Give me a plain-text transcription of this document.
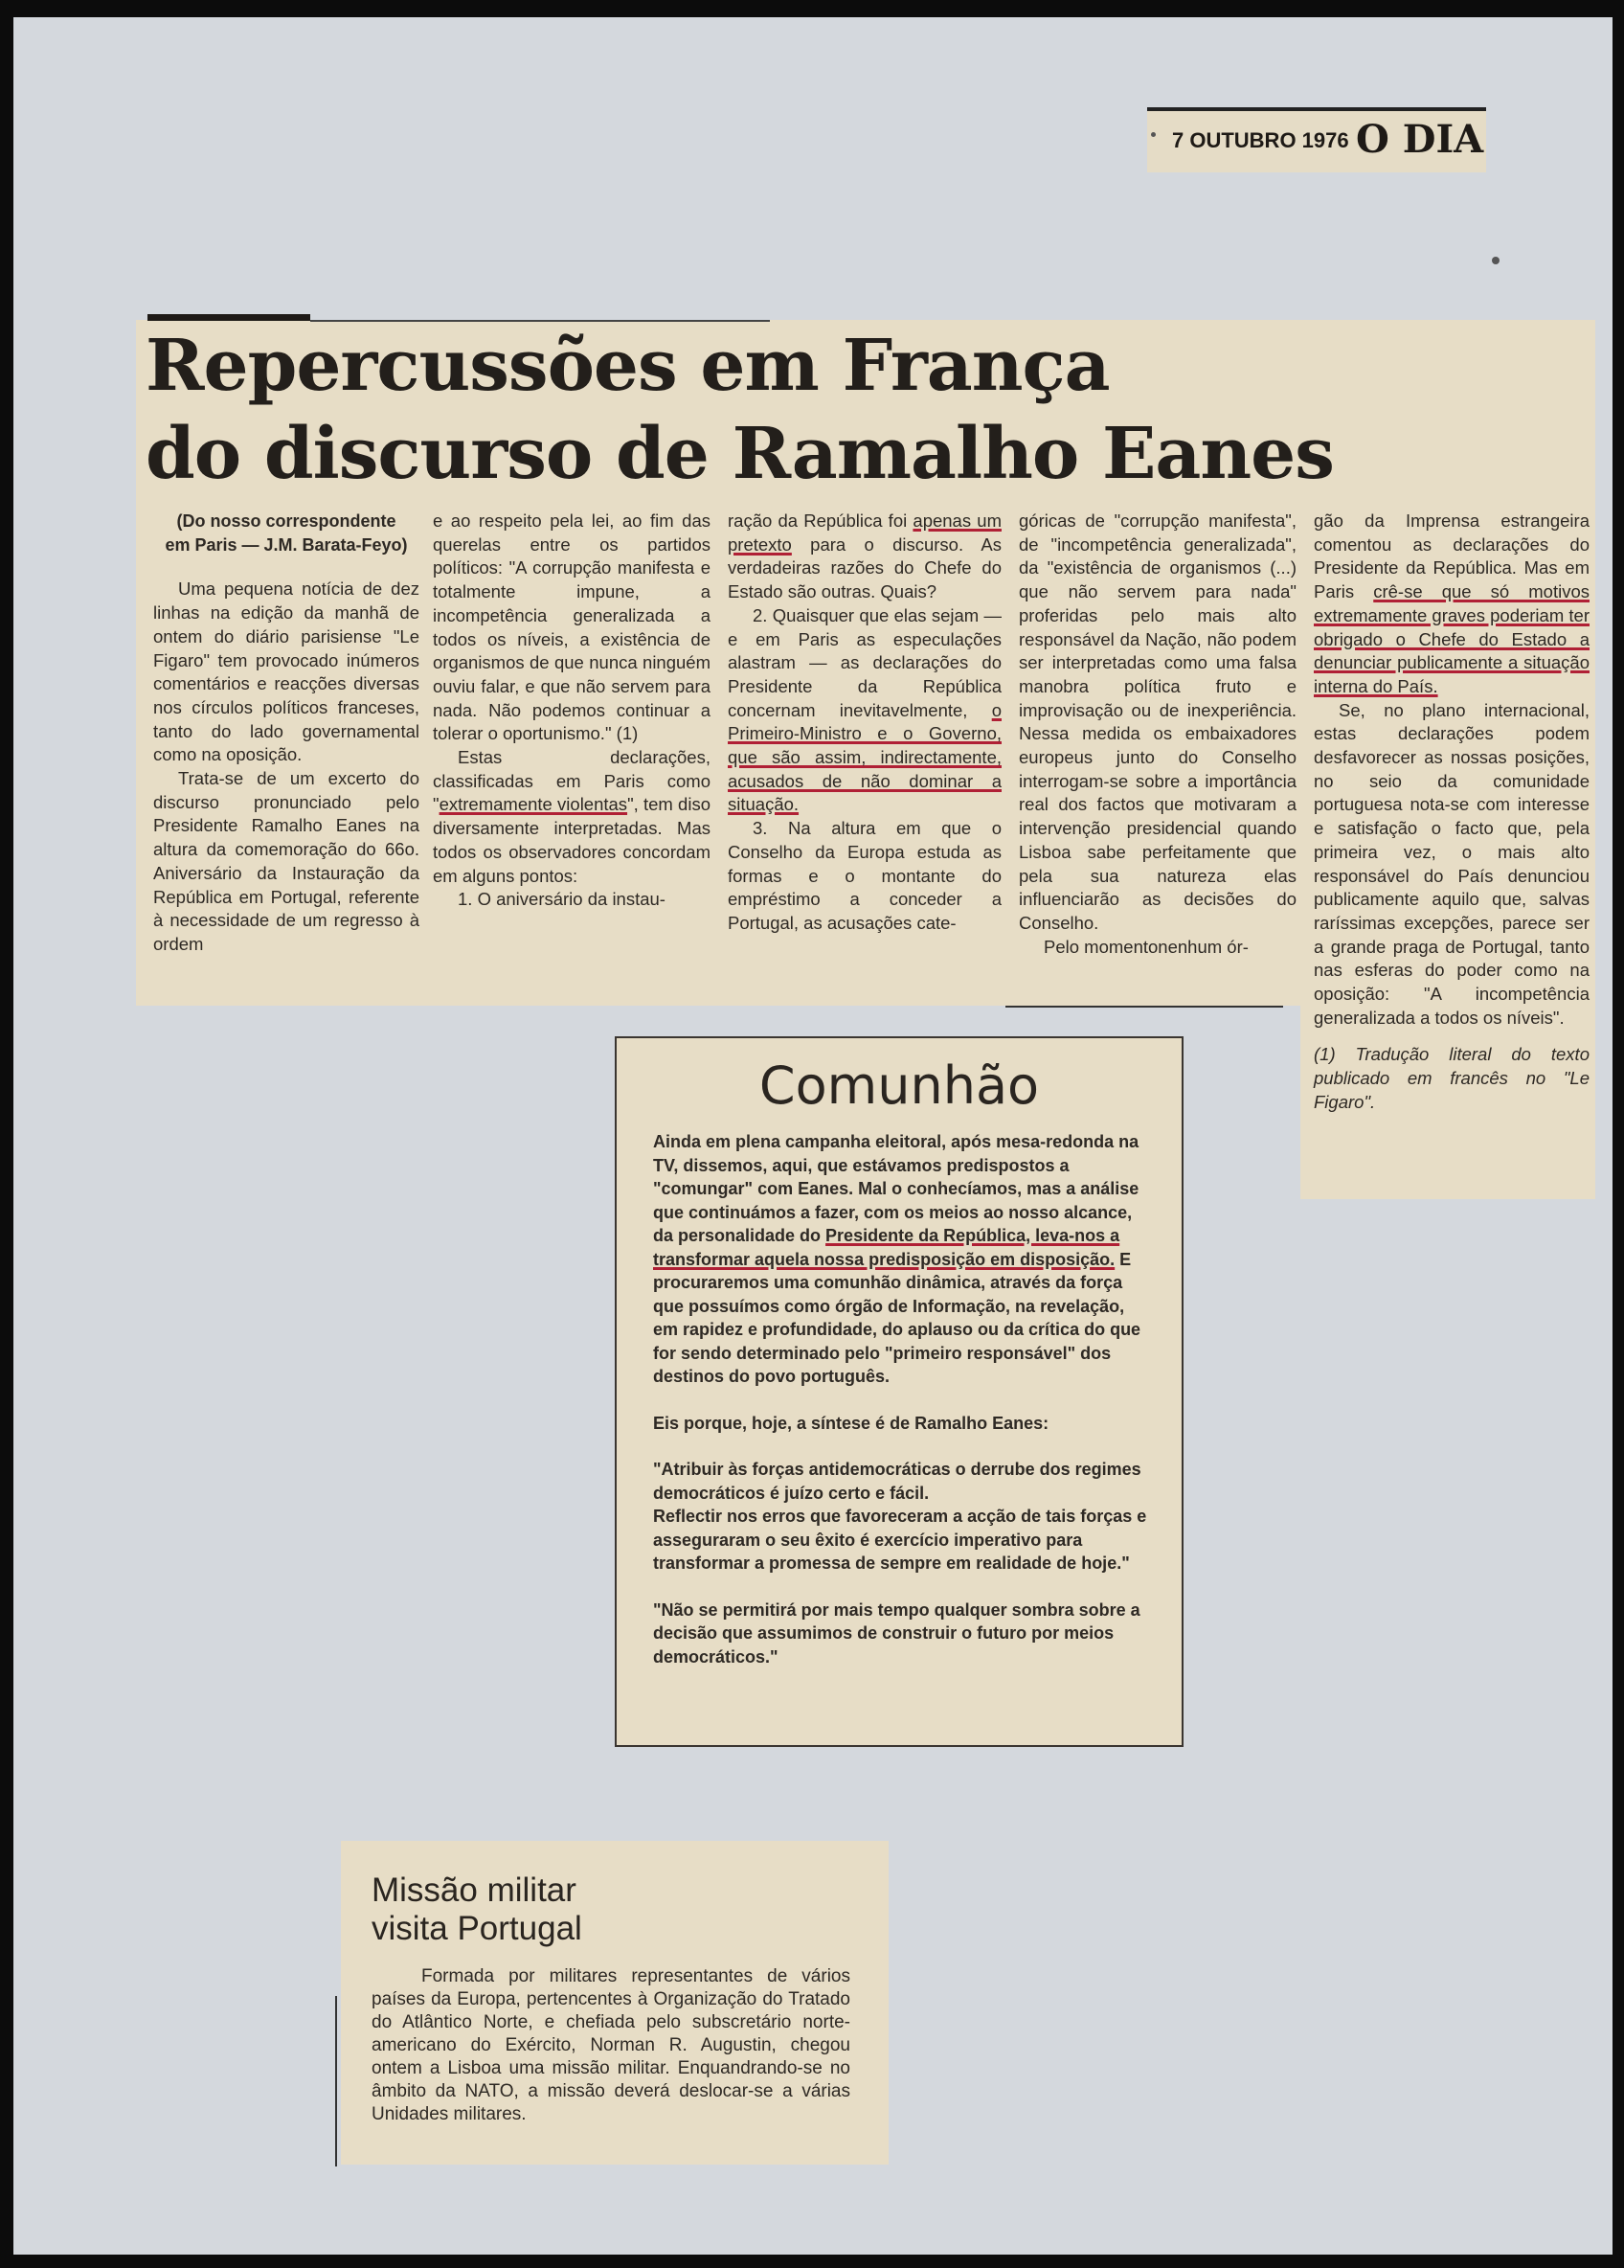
7 OUTUBRO 1976 O DIA
Repercussões em França
do discurso de Ramalho Eanes

(Do nosso correspondente
em Paris — J.M. Barata-Feyo)

Uma pequena notícia de dez linhas na edição da manhã de ontem do diário parisiense "Le Figaro" tem provocado inúmeros comentários e reacções diversas nos círculos políticos franceses, tanto do lado governamental como na oposição.

Trata-se de um excerto do discurso pronunciado pelo Presidente Ramalho Eanes na altura da comemoração do 66o. Aniversário da Instauração da República em Portugal, referente à necessidade de um regresso à ordem

e ao respeito pela lei, ao fim das querelas entre os partidos políticos: "A corrupção manifesta e totalmente impune, a incompetência generalizada a todos os níveis, a existência de organismos de que nunca ninguém ouviu falar, e que não servem para nada. Não podemos continuar a tolerar o oportunismo." (1)

Estas declarações, classificadas em Paris como "extremamente violentas", tem diso diversamente interpretadas. Mas todos os observadores concordam em alguns pontos:

1. O aniversário da instau-

ração da República foi apenas um pretexto para o discurso. As verdadeiras razões do Chefe do Estado são outras. Quais?

2. Quaisquer que elas sejam — e em Paris as especulações alastram — as declarações do Presidente da República concernam inevitavelmente, o Primeiro-Ministro e o Governo, que são assim, indirectamente, acusados de não dominar a situação.

3. Na altura em que o Conselho da Europa estuda as formas e o montante do empréstimo a conceder a Portugal, as acusações cate-

góricas de "corrupção manifesta", de "incompetência generalizada", da "existência de organismos (...) que não servem para nada" proferidas pelo mais alto responsável da Nação, não podem ser interpretadas como uma falsa manobra política fruto e improvisação ou de inexperiência. Nessa medida os embaixadores europeus junto do Conselho interrogam-se sobre a importância real dos factos que motivaram a intervenção presidencial quando Lisboa sabe perfeitamente que pela sua natureza elas influenciarão as decisões do Conselho.

Pelo momentonenhum ór-

gão da Imprensa estrangeira comentou as declarações do Presidente da República. Mas em Paris crê-se que só motivos extremamente graves poderiam ter obrigado o Chefe do Estado a denunciar publicamente a situação interna do País.

Se, no plano internacional, estas declarações podem desfavorecer as nossas posições, no seio da comunidade portuguesa nota-se com interesse e satisfação o facto que, pela primeira vez, o mais alto responsável do País denunciou publicamente aquilo que, salvas raríssimas excepções, parece ser a grande praga de Portugal, tanto nas esferas do poder como na oposição: "A incompetência generalizada a todos os níveis".

(1) Tradução literal do texto publicado em francês no "Le Figaro".

Comunhão

Ainda em plena campanha eleitoral, após mesa-redonda na TV, dissemos, aqui, que estávamos predispostos a "comungar" com Eanes. Mal o conhecíamos, mas a análise que continuámos a fazer, com os meios ao nosso alcance, da personalidade do Presidente da República, leva-nos a transformar aquela nossa predisposição em disposição. E procuraremos uma comunhão dinâmica, através da força que possuímos como órgão de Informação, na revelação, em rapidez e profundidade, do aplauso ou da crítica do que for sendo determinado pelo "primeiro responsável" dos destinos do povo português.

Eis porque, hoje, a síntese é de Ramalho Eanes:

"Atribuir às forças antidemocráticas o derrube dos regimes democráticos é juízo certo e fácil.

Reflectir nos erros que favoreceram a acção de tais forças e asseguraram o seu êxito é exercício imperativo para transformar a promessa de sempre em realidade de hoje."

"Não se permitirá por mais tempo qualquer sombra sobre a decisão que assumimos de construir o futuro por meios democráticos."

Missão militar
visita Portugal
Formada por militares representantes de vários países da Europa, pertencentes à Organização do Tratado do Atlântico Norte, e chefiada pelo subscretário norte-americano do Exército, Norman R. Augustin, chegou ontem a Lisboa uma missão militar. Enquandrando-se no âmbito da NATO, a missão deverá deslocar-se a várias Unidades militares.
